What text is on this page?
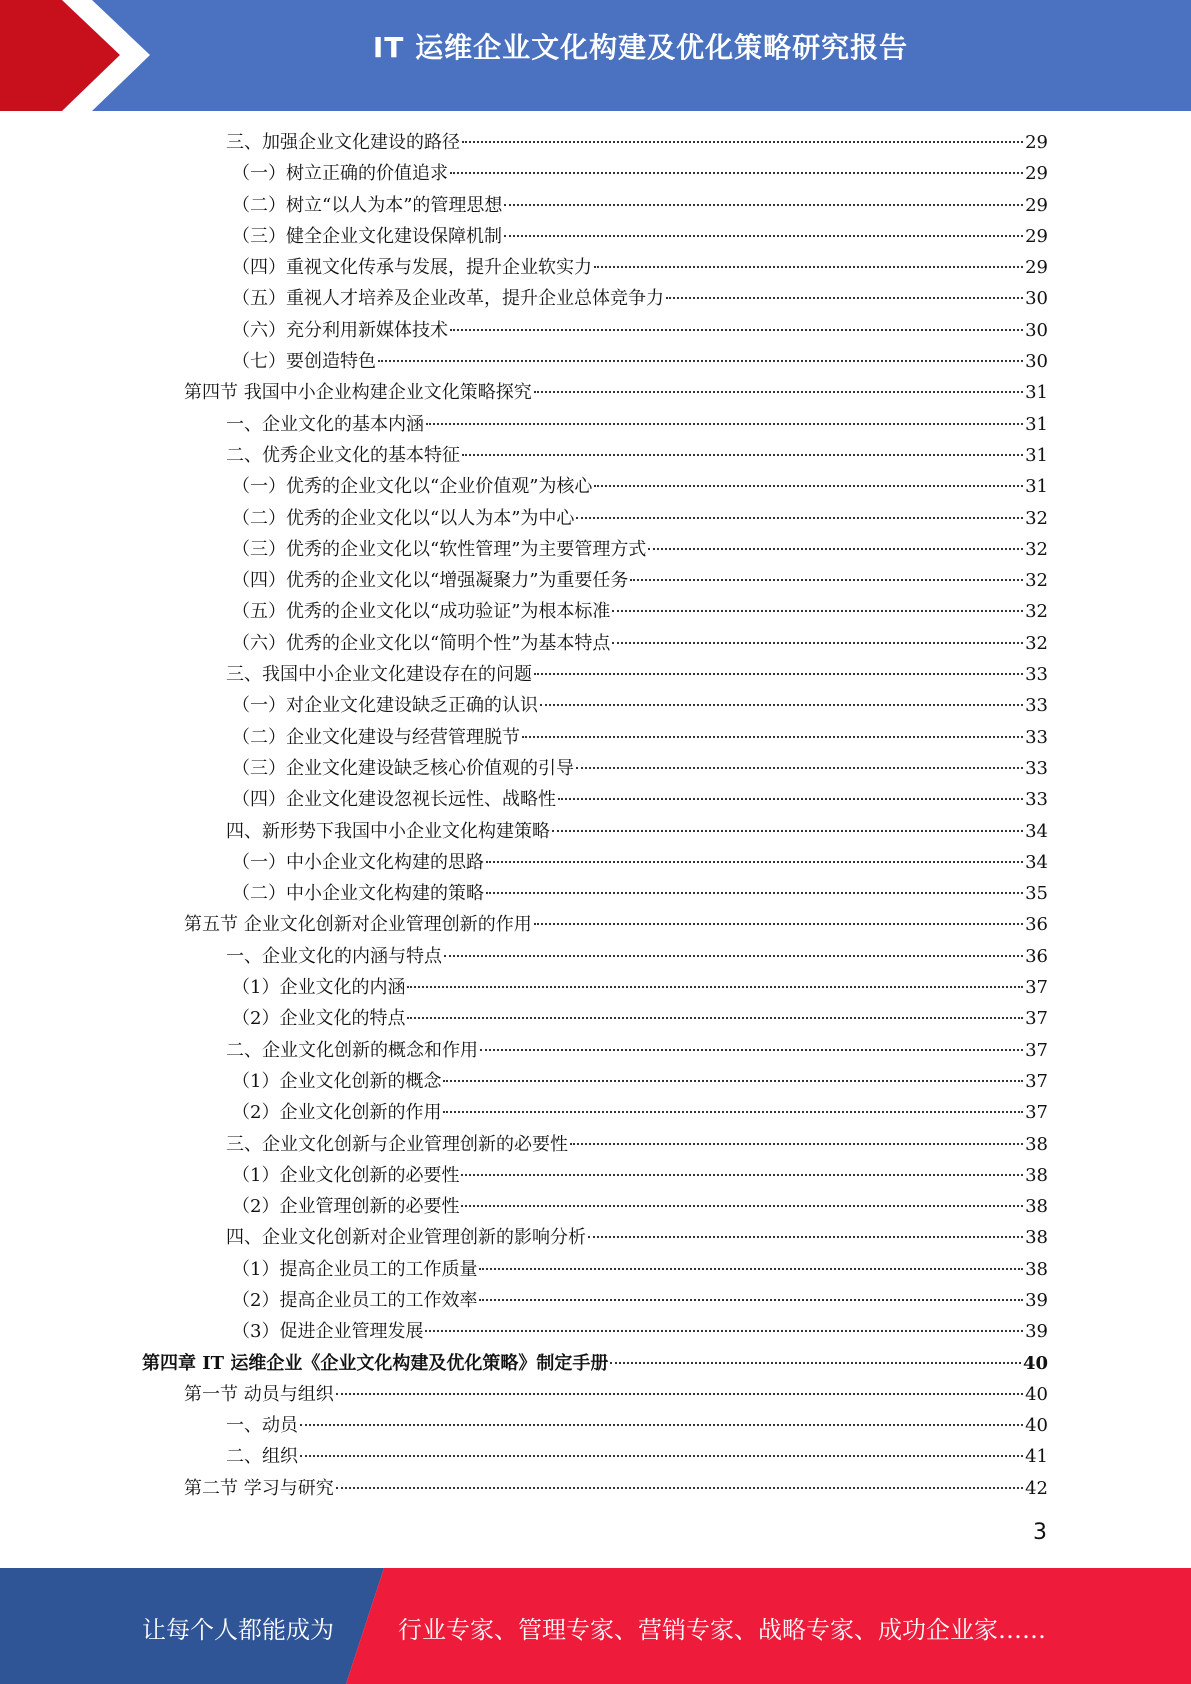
IT 运维企业文化构建及优化策略研究报告
三、加强企业文化建设的路径	29
（一）树立正确的价值追求	29
（二）树立“以人为本”的管理思想	29
（三）健全企业文化建设保障机制	29
（四）重视文化传承与发展，提升企业软实力	29
（五）重视人才培养及企业改革，提升企业总体竞争力	30
（六）充分利用新媒体技术	30
（七）要创造特色	30
第四节 我国中小企业构建企业文化策略探究	31
一、企业文化的基本内涵	31
二、优秀企业文化的基本特征	31
（一）优秀的企业文化以“企业价值观”为核心	31
（二）优秀的企业文化以“以人为本”为中心	32
（三）优秀的企业文化以“软性管理”为主要管理方式	32
（四）优秀的企业文化以“增强凝聚力”为重要任务	32
（五）优秀的企业文化以“成功验证”为根本标准	32
（六）优秀的企业文化以“简明个性”为基本特点	32
三、我国中小企业文化建设存在的问题	33
（一）对企业文化建设缺乏正确的认识	33
（二）企业文化建设与经营管理脱节	33
（三）企业文化建设缺乏核心价值观的引导	33
（四）企业文化建设忽视长远性、战略性	33
四、新形势下我国中小企业文化构建策略	34
（一）中小企业文化构建的思路	34
（二）中小企业文化构建的策略	35
第五节 企业文化创新对企业管理创新的作用	36
一、企业文化的内涵与特点	36
（1）企业文化的内涵	37
（2）企业文化的特点	37
二、企业文化创新的概念和作用	37
（1）企业文化创新的概念	37
（2）企业文化创新的作用	37
三、企业文化创新与企业管理创新的必要性	38
（1）企业文化创新的必要性	38
（2）企业管理创新的必要性	38
四、企业文化创新对企业管理创新的影响分析	38
（1）提高企业员工的工作质量	38
（2）提高企业员工的工作效率	39
（3）促进企业管理发展	39
第四章 IT 运维企业《企业文化构建及优化策略》制定手册	40
第一节 动员与组织	40
一、动员	40
二、组织	41
第二节 学习与研究	42
3
让每个人都能成为	行业专家、管理专家、营销专家、战略专家、成功企业家……
